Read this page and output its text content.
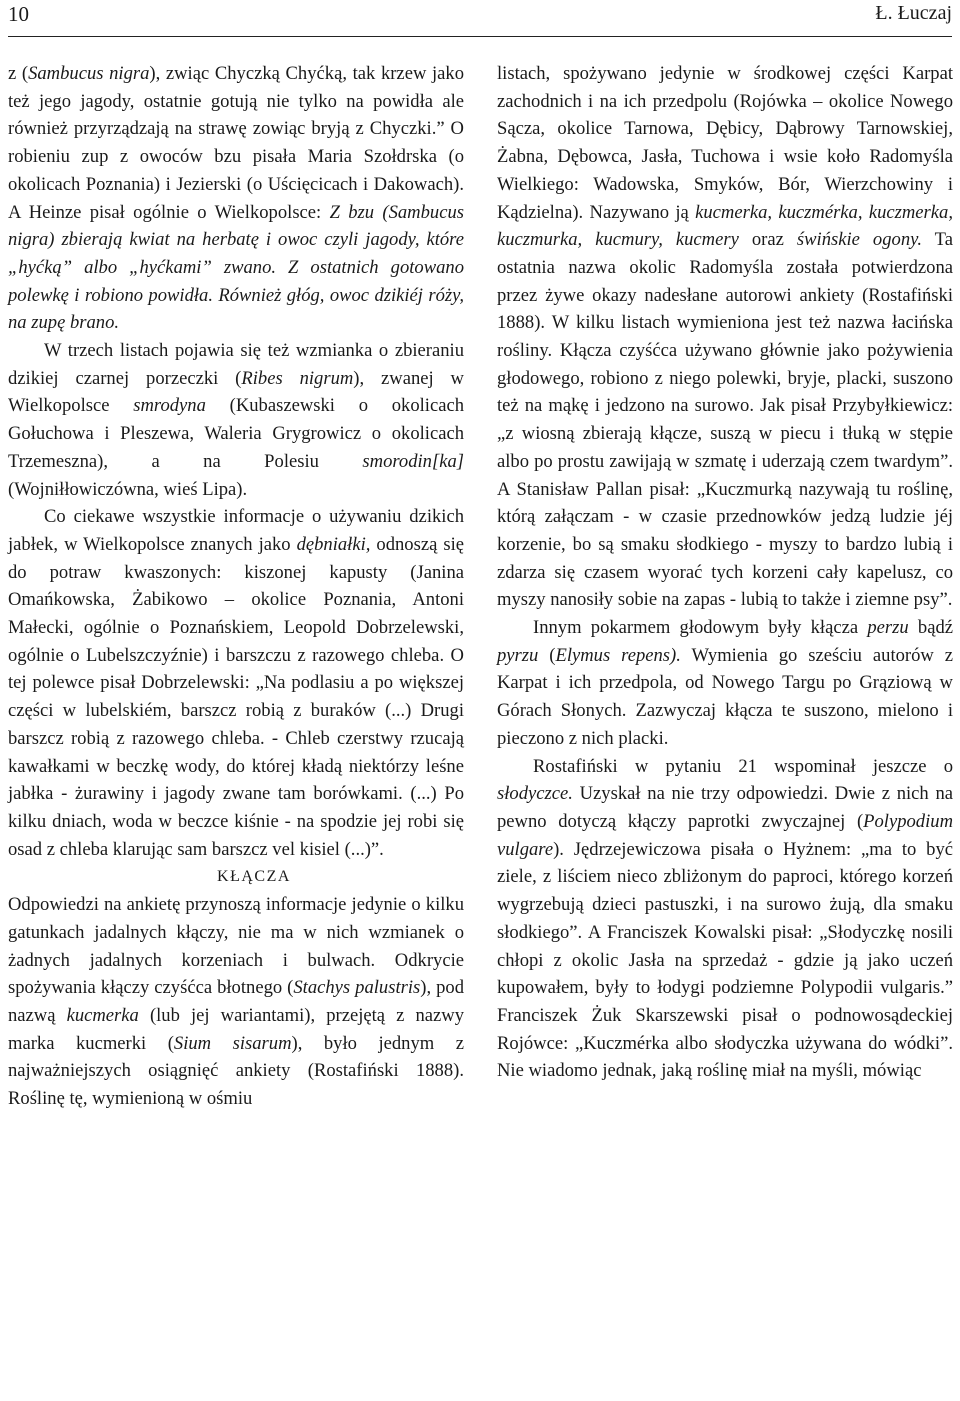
10	Ł. Łuczaj

z (Sambucus nigra), zwiąc Chyczką Chyćką, tak krzew jako też jego jagody, ostatnie gotują nie tylko na powidła ale również przyrządzają na strawę zowiąc bryją z Chyczki.” O robieniu zup z owoców bzu pisała Maria Szołdrska (o okolicach Poznania) i Jezierski (o Uścięcicach i Dakowach). A Heinze pisał ogólnie o Wielkopolsce: Z bzu (Sambucus nigra) zbierają kwiat na herbatę i owoc czyli jagody, które „hyćką” albo „hyćkami” zwano. Z ostatnich gotowano polewkę i robiono powidła. Również głóg, owoc dzikiéj róży, na zupę brano.

W trzech listach pojawia się też wzmianka o zbieraniu dzikiej czarnej porzeczki (Ribes nigrum), zwanej w Wielkopolsce smrodyna (Kubaszewski o okolicach Gołuchowa i Pleszewa, Waleria Grygrowicz o okolicach Trzemeszna), a na Polesiu smorodin[ka] (Wojniłłowiczówna, wieś Lipa).

Co ciekawe wszystkie informacje o używaniu dzikich jabłek, w Wielkopolsce znanych jako dębniałki, odnoszą się do potraw kwaszonych: kiszonej kapusty (Janina Omańkowska, Żabikowo – okolice Poznania, Antoni Małecki, ogólnie o Poznańskiem, Leopold Dobrzelewski, ogólnie o Lubelszczyźnie) i barszczu z razowego chleba. O tej polewce pisał Dobrzelewski: „Na podlasiu a po większej części w lubelskiém, barszcz robią z buraków (...) Drugi barszcz robią z razowego chleba. - Chleb czerstwy rzucają kawałkami w beczkę wody, do której kładą niektórzy leśne jabłka - żurawiny i jagody zwane tam borówkami. (...) Po kilku dniach, woda w beczce kiśnie - na spodzie jej robi się osad z chleba klarując sam barszcz vel kisiel (...)”.

KŁĄCZA

Odpowiedzi na ankietę przynoszą informacje jedynie o kilku gatunkach jadalnych kłączy, nie ma w nich wzmianek o żadnych jadalnych korzeniach i bulwach. Odkrycie spożywania kłączy czyśćca błotnego (Stachys palustris), pod nazwą kucmerka (lub jej wariantami), przejętą z nazwy marka kucmerki (Sium sisarum), było jednym z najważniejszych osiągnięć ankiety (Rostafiński 1888). Roślinę tę, wymienioną w ośmiu

listach, spożywano jedynie w środkowej części Karpat zachodnich i na ich przedpolu (Rojówka – okolice Nowego Sącza, okolice Tarnowa, Dębicy, Dąbrowy Tarnowskiej, Żabna, Dębowca, Jasła, Tuchowa i wsie koło Radomyśla Wielkiego: Wadowska, Smyków, Bór, Wierzchowiny i Kądzielna). Nazywano ją kucmerka, kuczmérka, kuczmerka, kuczmurka, kucmury, kucmery oraz świńskie ogony. Ta ostatnia nazwa okolic Radomyśla została potwierdzona przez żywe okazy nadesłane autorowi ankiety (Rostafiński 1888). W kilku listach wymieniona jest też nazwa łacińska rośliny. Kłącza czyśćca używano głównie jako pożywienia głodowego, robiono z niego polewki, bryje, placki, suszono też na mąkę i jedzono na surowo. Jak pisał Przybyłkiewicz: „z wiosną zbierają kłącze, suszą w piecu i tłuką w stępie albo po prostu zawijają w szmatę i uderzają czem twardym”. A Stanisław Pallan pisał: „Kuczmurką nazywają tu roślinę, którą załączam - w czasie przednowków jedzą ludzie jéj korzenie, bo są smaku słodkiego - myszy to bardzo lubią i zdarza się czasem wyorać tych korzeni cały kapelusz, co myszy nanosiły sobie na zapas - lubią to także i ziemne psy”.

Innym pokarmem głodowym były kłącza perzu bądź pyrzu (Elymus repens). Wymienia go sześciu autorów z Karpat i ich przedpola, od Nowego Targu po Grąziową w Górach Słonych. Zazwyczaj kłącza te suszono, mielono i pieczono z nich placki.

Rostafiński w pytaniu 21 wspominał jeszcze o słodyczce. Uzyskał na nie trzy odpowiedzi. Dwie z nich na pewno dotyczą kłączy paprotki zwyczajnej (Polypodium vulgare). Jędrzejewiczowa pisała o Hyżnem: „ma to być ziele, z liściem nieco zbliżonym do paproci, którego korzeń wygrzebują dzieci pastuszki, i na surowo żują, dla smaku słodkiego”. A Franciszek Kowalski pisał: „Słodyczkę nosili chłopi z okolic Jasła na sprzedaż - gdzie ją jako uczeń kupowałem, były to łodygi podziemne Polypodii vulgaris.” Franciszek Żuk Skarszewski pisał o podnowosądeckiej Rojówce: „Kuczmérka albo słodyczka używana do wódki”. Nie wiadomo jednak, jaką roślinę miał na myśli, mówiąc
